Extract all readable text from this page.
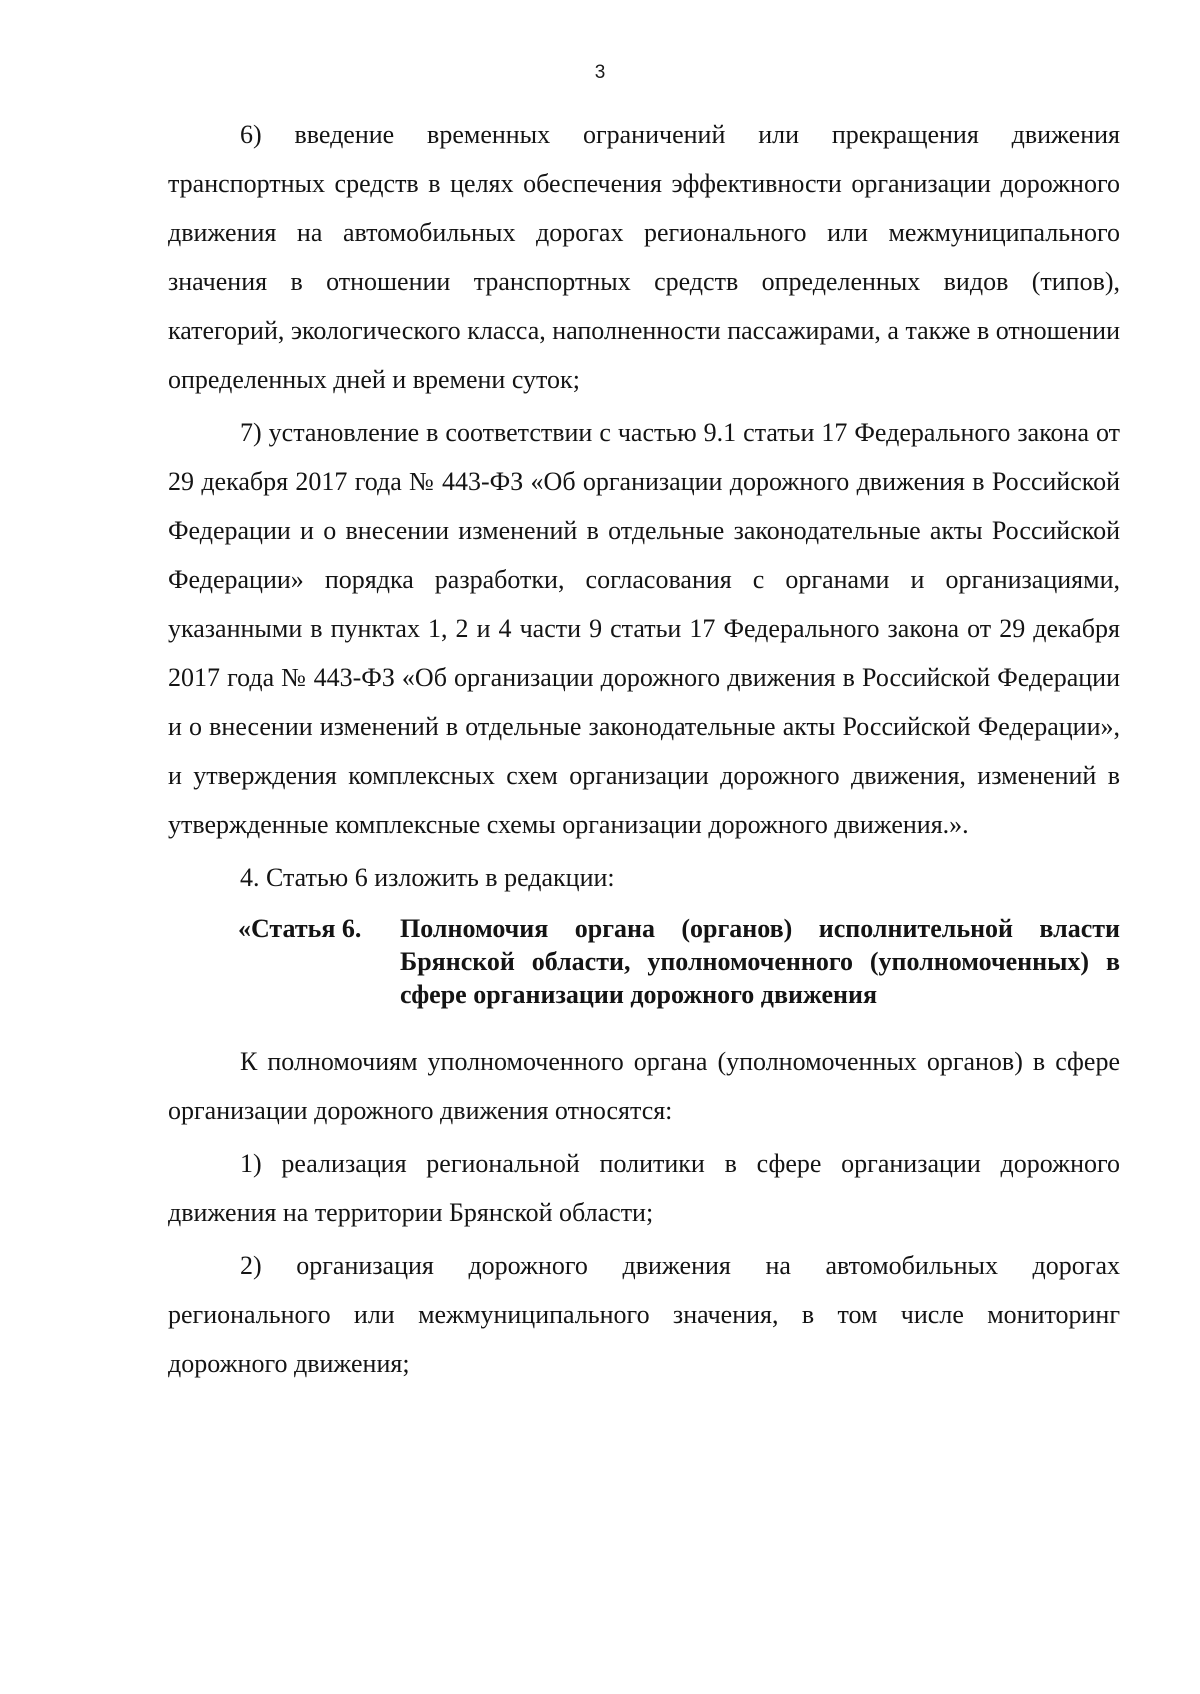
3

6) введение временных ограничений или прекращения движения транспортных средств в целях обеспечения эффективности организации дорожного движения на автомобильных дорогах регионального или межмуниципального значения в отношении транспортных средств определенных видов (типов), категорий, экологического класса, наполненности пассажирами, а также в отношении определенных дней и времени суток;

7) установление в соответствии с частью 9.1 статьи 17 Федерального закона от 29 декабря 2017 года № 443-ФЗ «Об организации дорожного движения в Российской Федерации и о внесении изменений в отдельные законодательные акты Российской Федерации» порядка разработки, согласования с органами и организациями, указанными в пунктах 1, 2 и 4 части 9 статьи 17 Федерального закона от 29 декабря 2017 года № 443-ФЗ «Об организации дорожного движения в Российской Федерации и о внесении изменений в отдельные законодательные акты Российской Федерации», и утверждения комплексных схем организации дорожного движения, изменений в утвержденные комплексные схемы организации дорожного движения.».

4. Статью 6 изложить в редакции:

«Статья 6.	Полномочия органа (органов) исполнительной власти Брянской области, уполномоченного (уполномоченных) в сфере организации дорожного движения

К полномочиям уполномоченного органа (уполномоченных органов) в сфере организации дорожного движения относятся:

1) реализация региональной политики в сфере организации дорожного движения на территории Брянской области;

2) организация дорожного движения на автомобильных дорогах регионального или межмуниципального значения, в том числе мониторинг дорожного движения;
